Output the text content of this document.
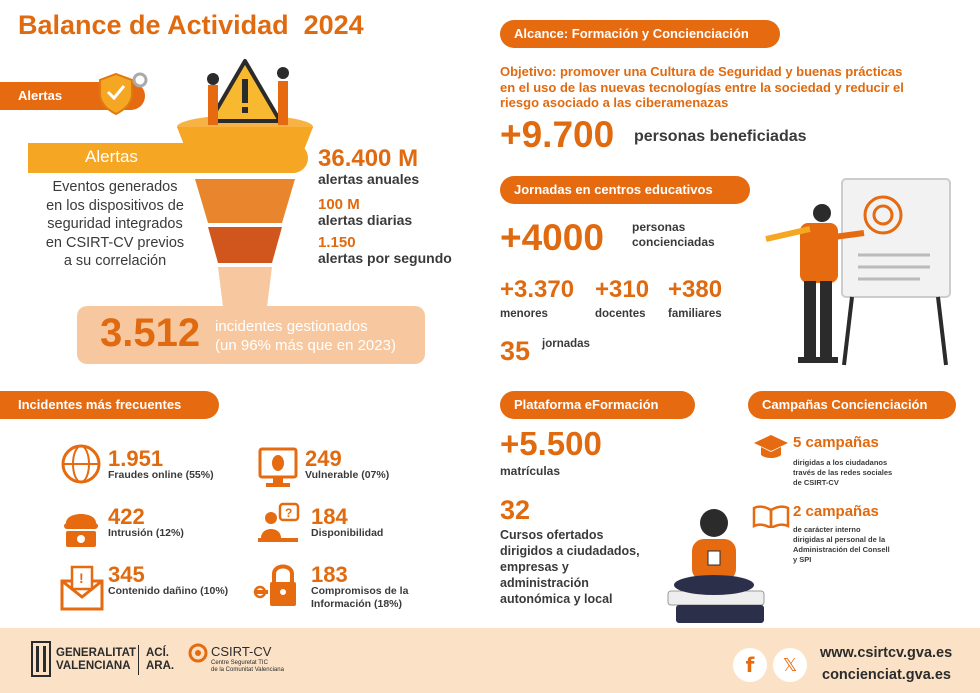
Balance de Actividad  2024
Alertas
Alertas
Eventos generados
en los dispositivos de
seguridad integrados
en CSIRT-CV previos
a su correlación
36.400 M
alertas anuales
100 M
alertas diarias
1.150
alertas por segundo
3.512 incidentes gestionados
(un 96% más que en 2023)
Incidentes más frecuentes
1.951
Fraudes online (55%)
249
Vulnerable (07%)
422
Intrusión (12%)
? 184
Disponibilidad
! 345
Contenido dañino (10%)
183
Compromisos de la
Información (18%)
Alcance: Formación y Concienciación
Objetivo: promover una Cultura de Seguridad y buenas prácticas
en el uso de las nuevas tecnologías entre la sociedad y reducir el
riesgo asociado a las ciberamenazas
+9.700 personas beneficiadas
Jornadas en centros educativos
+4000 personas
concienciadas
+3.370
menores
+310
docentes
+380
familiares
35 jornadas
Plataforma eFormación
+5.500
matrículas
32
Cursos ofertados
dirigidos a ciudadados,
empresas y
administración
autonómica y local
Campañas Concienciación
5 campañas
dirigidas a los ciudadanos
través de las redes sociales
de CSIRT-CV
2 campañas
de carácter interno
dirigidas al personal de la
Administración del Consell
y SPI
GENERALITAT
VALENCIANA
ACÍ.
ARA.
CSIRT-CV
Centre Seguretat TIC
de la Comunitat Valenciana	f 𝕏
www.csirtcv.gva.es
concienciat.gva.es
